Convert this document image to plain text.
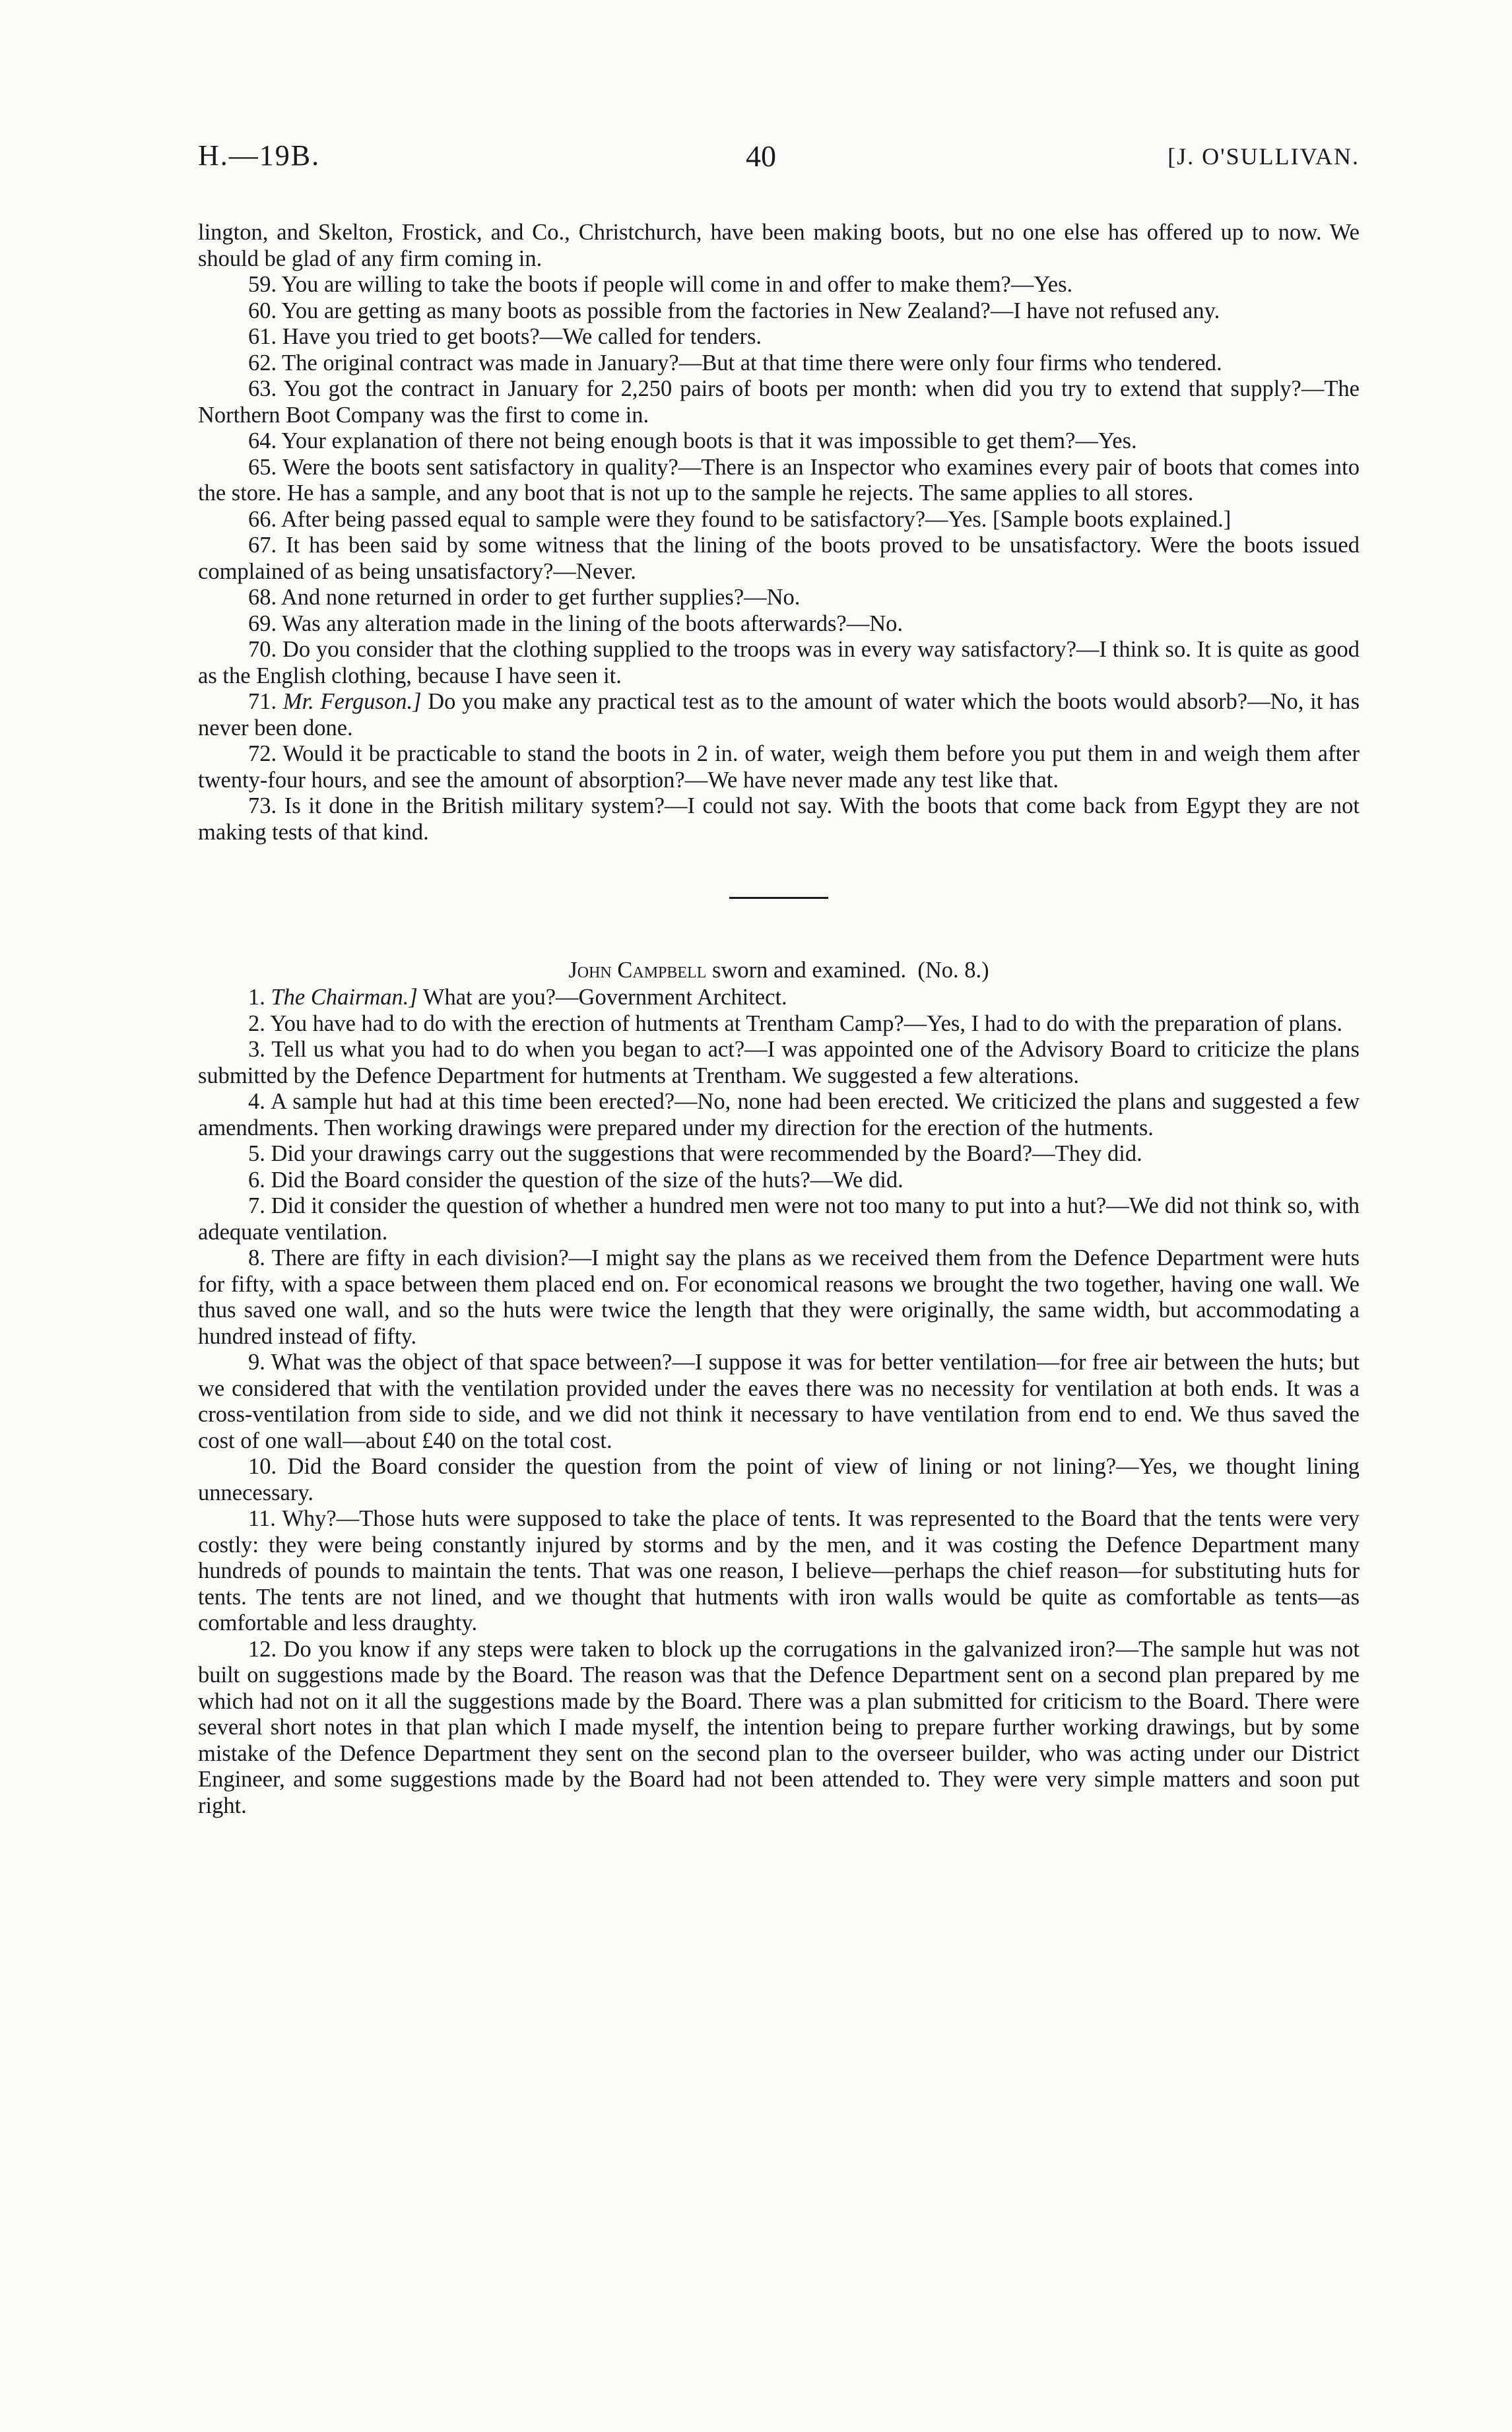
H.—19B.	40	[J. O'SULLIVAN.

lington, and Skelton, Frostick, and Co., Christchurch, have been making boots, but no one else has offered up to now. We should be glad of any firm coming in.

59. You are willing to take the boots if people will come in and offer to make them?—Yes.

60. You are getting as many boots as possible from the factories in New Zealand?—I have not refused any.

61. Have you tried to get boots?—We called for tenders.

62. The original contract was made in January?—But at that time there were only four firms who tendered.

63. You got the contract in January for 2,250 pairs of boots per month: when did you try to extend that supply?—The Northern Boot Company was the first to come in.

64. Your explanation of there not being enough boots is that it was impossible to get them?—Yes.

65. Were the boots sent satisfactory in quality?—There is an Inspector who examines every pair of boots that comes into the store. He has a sample, and any boot that is not up to the sample he rejects. The same applies to all stores.

66. After being passed equal to sample were they found to be satisfactory?—Yes. [Sample boots explained.]

67. It has been said by some witness that the lining of the boots proved to be unsatisfactory. Were the boots issued complained of as being unsatisfactory?—Never.

68. And none returned in order to get further supplies?—No.

69. Was any alteration made in the lining of the boots afterwards?—No.

70. Do you consider that the clothing supplied to the troops was in every way satisfactory?—I think so. It is quite as good as the English clothing, because I have seen it.

71. Mr. Ferguson.] Do you make any practical test as to the amount of water which the boots would absorb?—No, it has never been done.

72. Would it be practicable to stand the boots in 2 in. of water, weigh them before you put them in and weigh them after twenty-four hours, and see the amount of absorption?—We have never made any test like that.

73. Is it done in the British military system?—I could not say. With the boots that come back from Egypt they are not making tests of that kind.

John Campbell sworn and examined. (No. 8.)

1. The Chairman.] What are you?—Government Architect.

2. You have had to do with the erection of hutments at Trentham Camp?—Yes, I had to do with the preparation of plans.

3. Tell us what you had to do when you began to act?—I was appointed one of the Advisory Board to criticize the plans submitted by the Defence Department for hutments at Trentham. We suggested a few alterations.

4. A sample hut had at this time been erected?—No, none had been erected. We criticized the plans and suggested a few amendments. Then working drawings were prepared under my direction for the erection of the hutments.

5. Did your drawings carry out the suggestions that were recommended by the Board?—They did.

6. Did the Board consider the question of the size of the huts?—We did.

7. Did it consider the question of whether a hundred men were not too many to put into a hut?—We did not think so, with adequate ventilation.

8. There are fifty in each division?—I might say the plans as we received them from the Defence Department were huts for fifty, with a space between them placed end on. For economical reasons we brought the two together, having one wall. We thus saved one wall, and so the huts were twice the length that they were originally, the same width, but accommodating a hundred instead of fifty.

9. What was the object of that space between?—I suppose it was for better ventilation—for free air between the huts; but we considered that with the ventilation provided under the eaves there was no necessity for ventilation at both ends. It was a cross-ventilation from side to side, and we did not think it necessary to have ventilation from end to end. We thus saved the cost of one wall—about £40 on the total cost.

10. Did the Board consider the question from the point of view of lining or not lining?—Yes, we thought lining unnecessary.

11. Why?—Those huts were supposed to take the place of tents. It was represented to the Board that the tents were very costly: they were being constantly injured by storms and by the men, and it was costing the Defence Department many hundreds of pounds to maintain the tents. That was one reason, I believe—perhaps the chief reason—for substituting huts for tents. The tents are not lined, and we thought that hutments with iron walls would be quite as comfortable as tents—as comfortable and less draughty.

12. Do you know if any steps were taken to block up the corrugations in the galvanized iron?—The sample hut was not built on suggestions made by the Board. The reason was that the Defence Department sent on a second plan prepared by me which had not on it all the suggestions made by the Board. There was a plan submitted for criticism to the Board. There were several short notes in that plan which I made myself, the intention being to prepare further working drawings, but by some mistake of the Defence Department they sent on the second plan to the overseer builder, who was acting under our District Engineer, and some suggestions made by the Board had not been attended to. They were very simple matters and soon put right.
